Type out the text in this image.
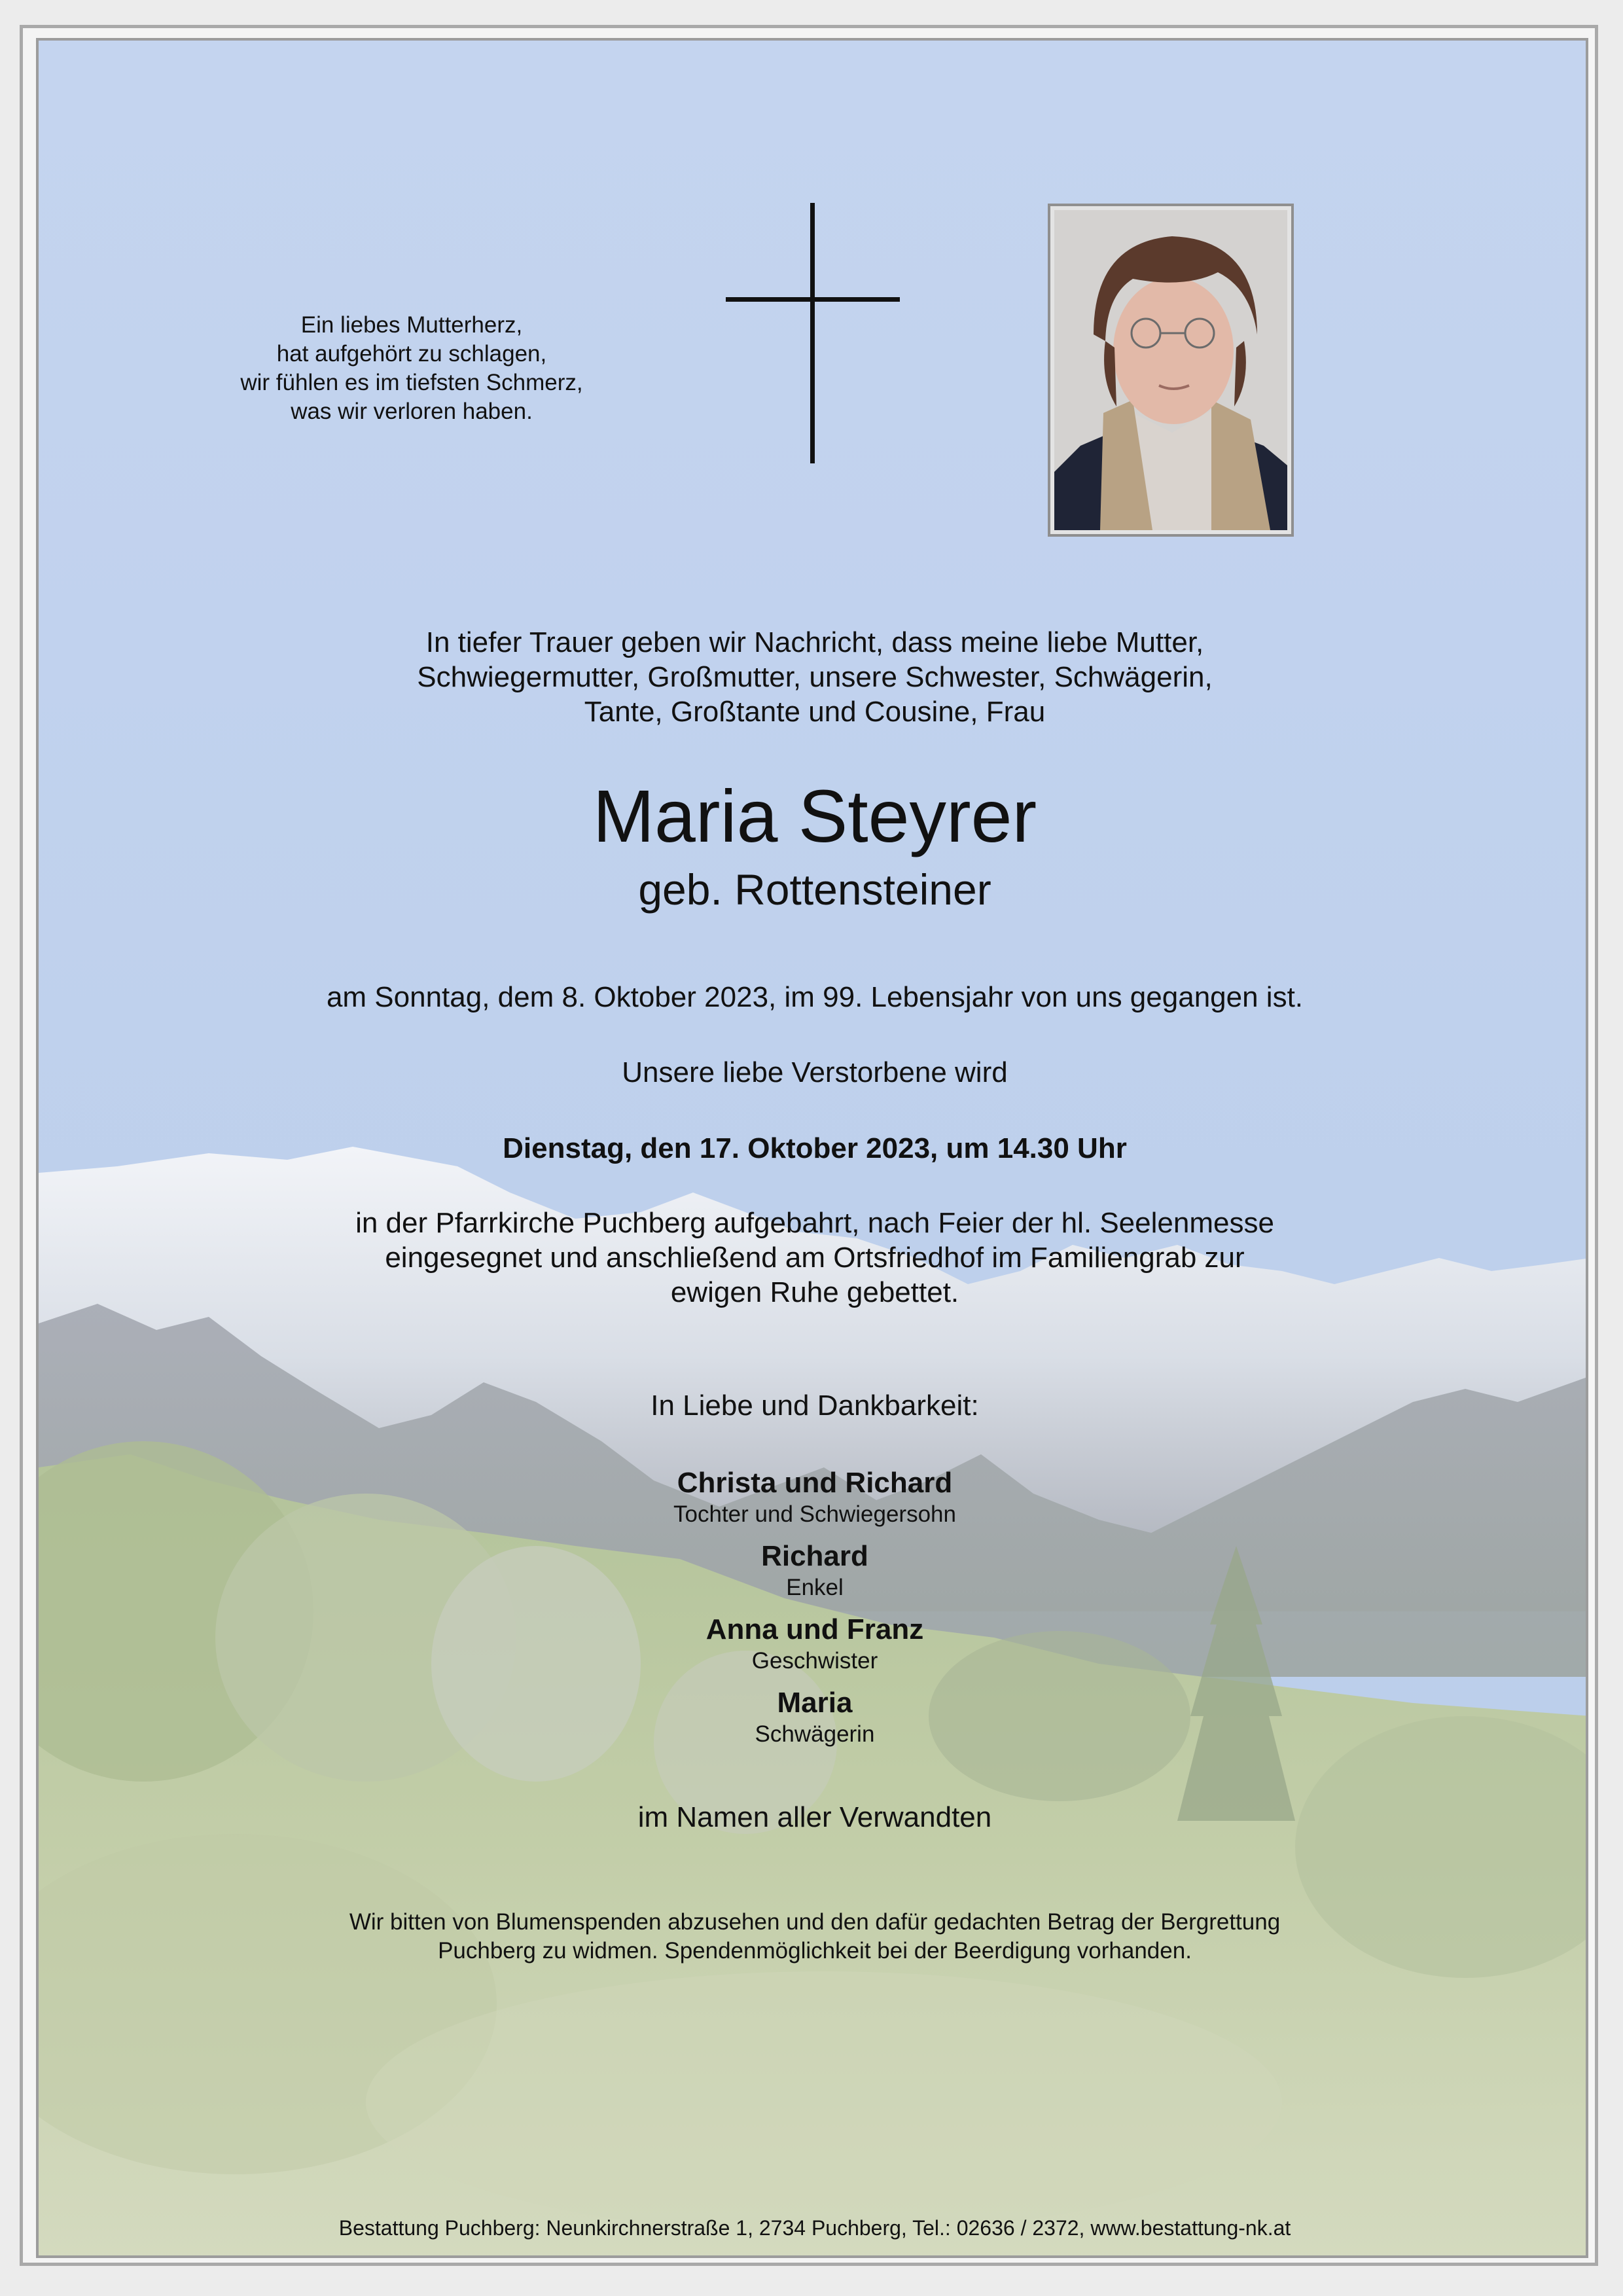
Ein liebes Mutterherz,
hat aufgehört zu schlagen,
wir fühlen es im tiefsten Schmerz,
was wir verloren haben.
In tiefer Trauer geben wir Nachricht, dass meine liebe Mutter,
Schwiegermutter, Großmutter, unsere Schwester, Schwägerin,
Tante, Großtante und Cousine, Frau
Maria Steyrer
geb. Rottensteiner
am Sonntag, dem 8. Oktober 2023, im 99. Lebensjahr von uns gegangen ist.
Unsere liebe Verstorbene wird
Dienstag, den 17. Oktober 2023, um 14.30 Uhr
in der Pfarrkirche Puchberg aufgebahrt, nach Feier der hl. Seelenmesse
eingesegnet und anschließend am Ortsfriedhof im Familiengrab zur
ewigen Ruhe gebettet.
In Liebe und Dankbarkeit:
Christa und Richard
Tochter und Schwiegersohn
Richard
Enkel
Anna und Franz
Geschwister
Maria
Schwägerin
im Namen aller Verwandten
Wir bitten von Blumenspenden abzusehen und den dafür gedachten Betrag der Bergrettung
Puchberg zu widmen. Spendenmöglichkeit bei der Beerdigung vorhanden.
Bestattung Puchberg: Neunkirchnerstraße 1, 2734 Puchberg, Tel.: 02636 / 2372, www.bestattung-nk.at
